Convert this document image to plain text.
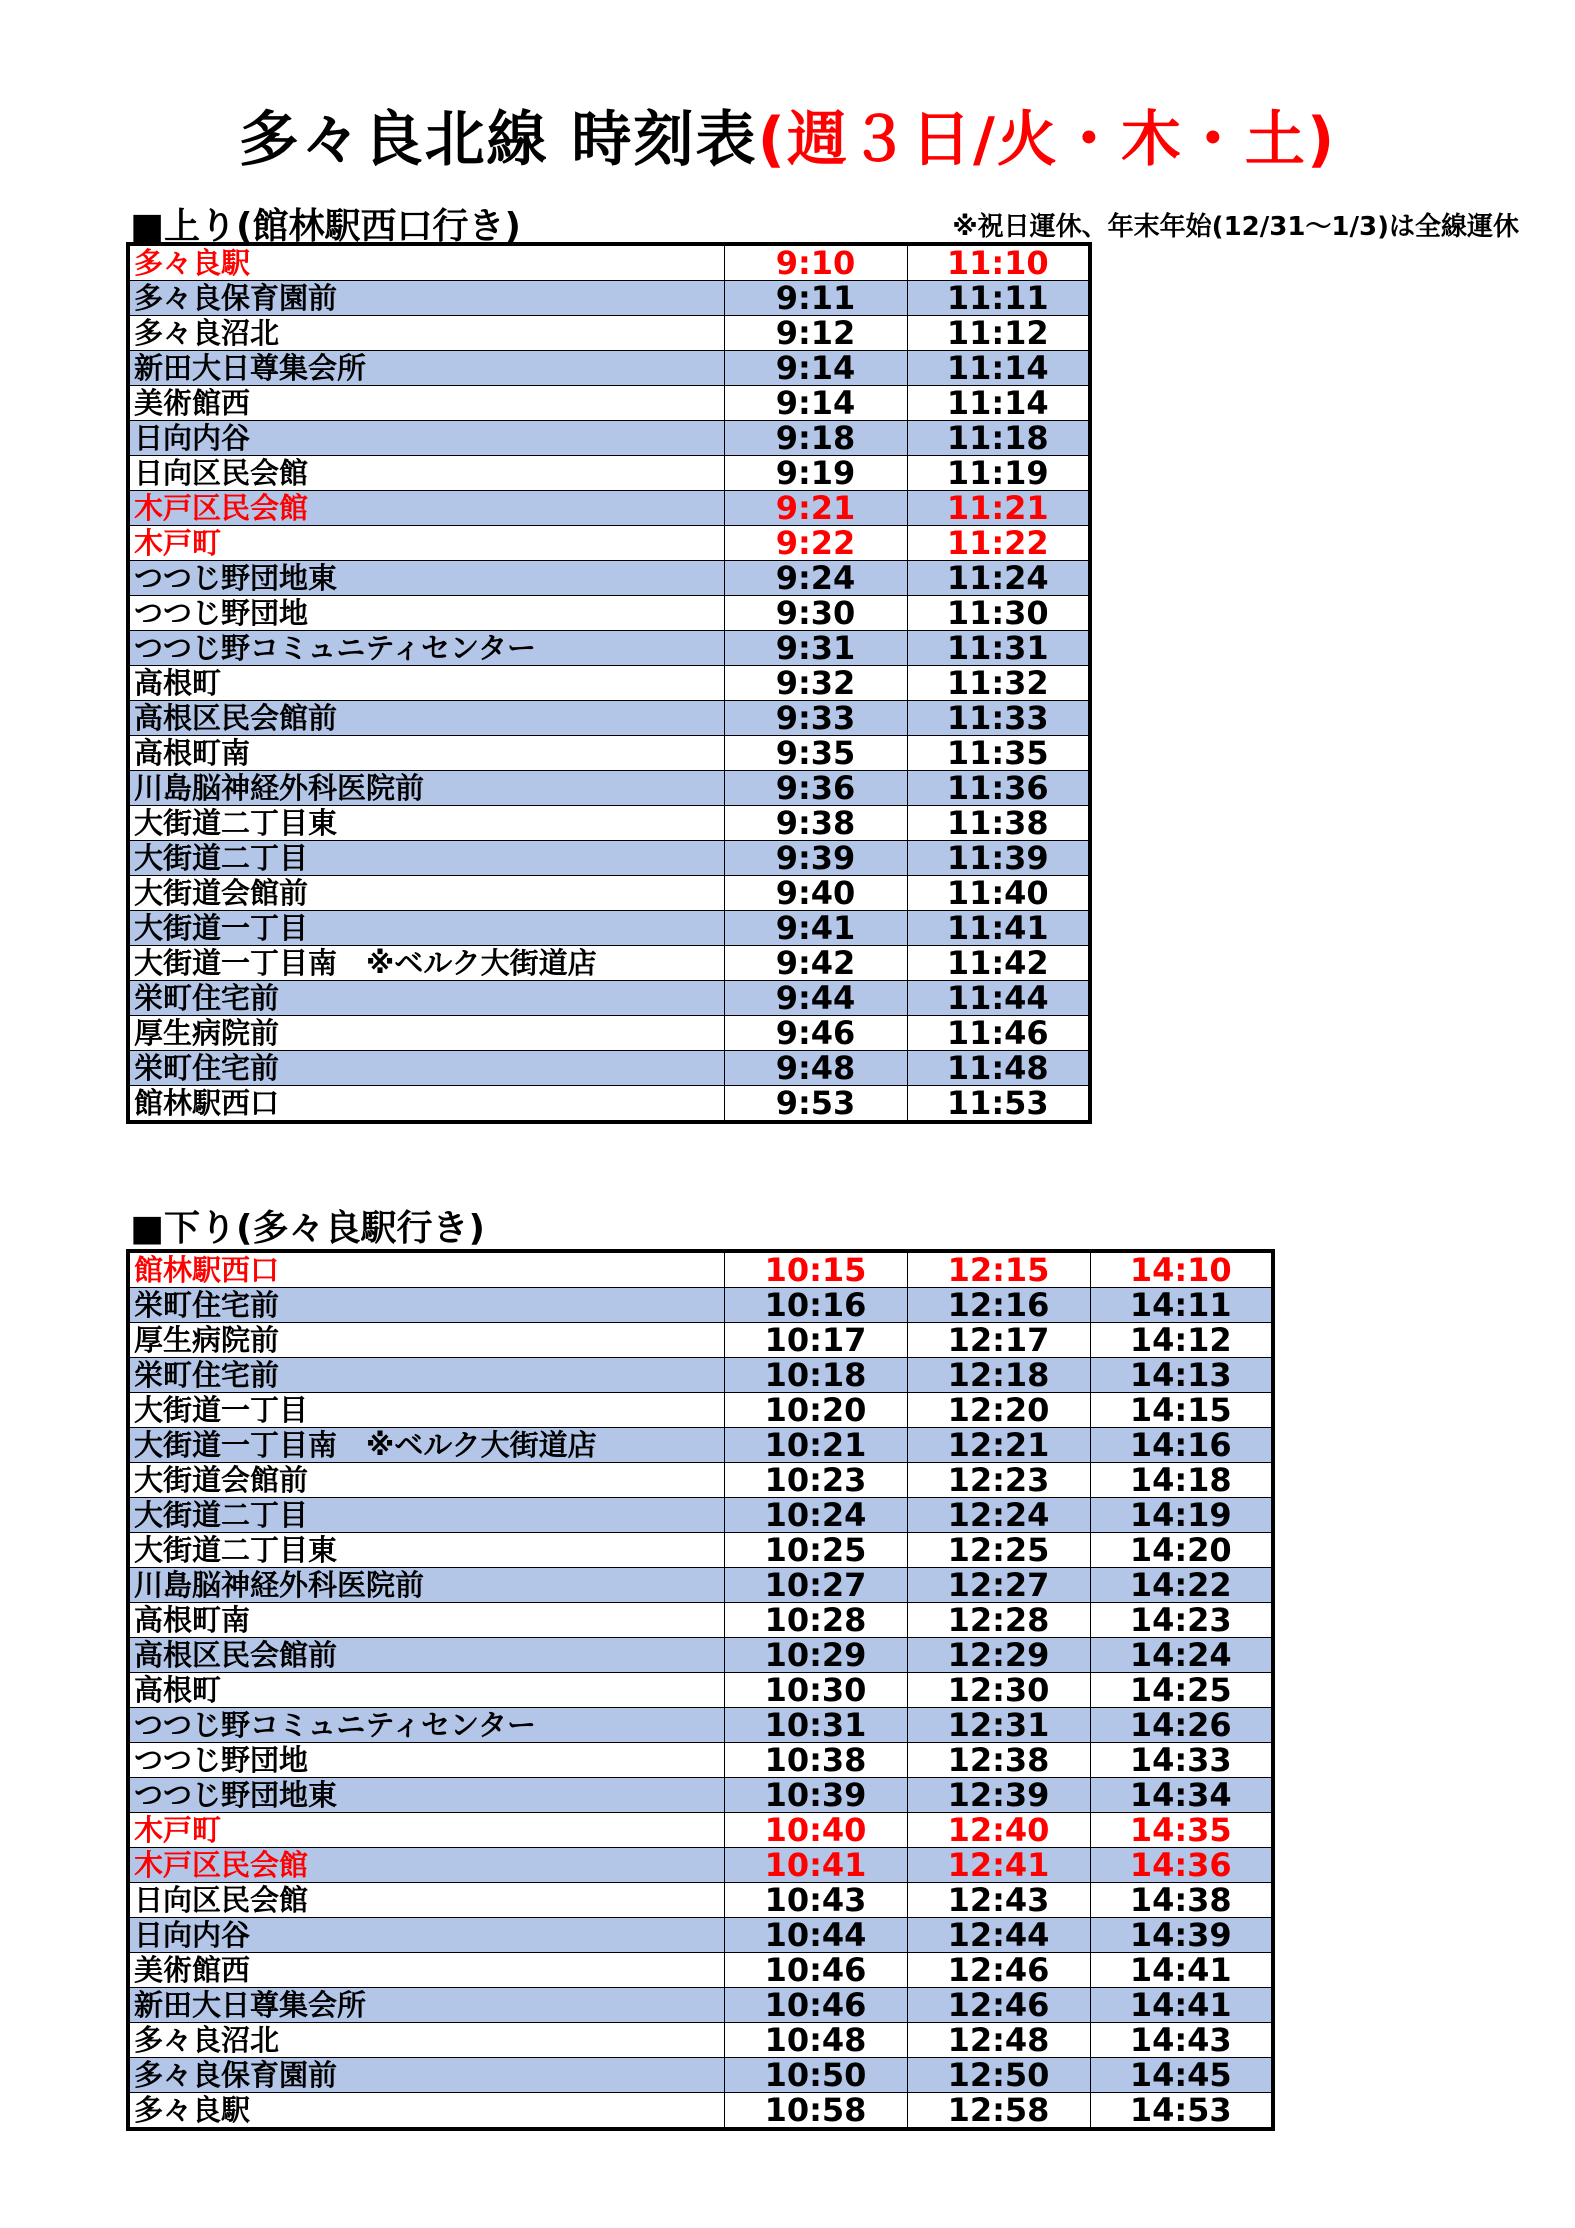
多々良北線 時刻表(週３日/火・木・土)
■上り(館林駅西口行き)	※祝日運休、年末年始(12/31〜1/3)は全線運休
多々良駅	9:10	11:10
多々良保育園前	9:11	11:11
多々良沼北	9:12	11:12
新田大日尊集会所	9:14	11:14
美術館西	9:14	11:14
日向内谷	9:18	11:18
日向区民会館	9:19	11:19
木戸区民会館	9:21	11:21
木戸町	9:22	11:22
つつじ野団地東	9:24	11:24
つつじ野団地	9:30	11:30
つつじ野コミュニティセンター	9:31	11:31
高根町	9:32	11:32
高根区民会館前	9:33	11:33
高根町南	9:35	11:35
川島脳神経外科医院前	9:36	11:36
大街道二丁目東	9:38	11:38
大街道二丁目	9:39	11:39
大街道会館前	9:40	11:40
大街道一丁目	9:41	11:41
大街道一丁目南　※ベルク大街道店	9:42	11:42
栄町住宅前	9:44	11:44
厚生病院前	9:46	11:46
栄町住宅前	9:48	11:48
館林駅西口	9:53	11:53
■下り(多々良駅行き)
館林駅西口	10:15	12:15	14:10
栄町住宅前	10:16	12:16	14:11
厚生病院前	10:17	12:17	14:12
栄町住宅前	10:18	12:18	14:13
大街道一丁目	10:20	12:20	14:15
大街道一丁目南　※ベルク大街道店	10:21	12:21	14:16
大街道会館前	10:23	12:23	14:18
大街道二丁目	10:24	12:24	14:19
大街道二丁目東	10:25	12:25	14:20
川島脳神経外科医院前	10:27	12:27	14:22
高根町南	10:28	12:28	14:23
高根区民会館前	10:29	12:29	14:24
高根町	10:30	12:30	14:25
つつじ野コミュニティセンター	10:31	12:31	14:26
つつじ野団地	10:38	12:38	14:33
つつじ野団地東	10:39	12:39	14:34
木戸町	10:40	12:40	14:35
木戸区民会館	10:41	12:41	14:36
日向区民会館	10:43	12:43	14:38
日向内谷	10:44	12:44	14:39
美術館西	10:46	12:46	14:41
新田大日尊集会所	10:46	12:46	14:41
多々良沼北	10:48	12:48	14:43
多々良保育園前	10:50	12:50	14:45
多々良駅	10:58	12:58	14:53
